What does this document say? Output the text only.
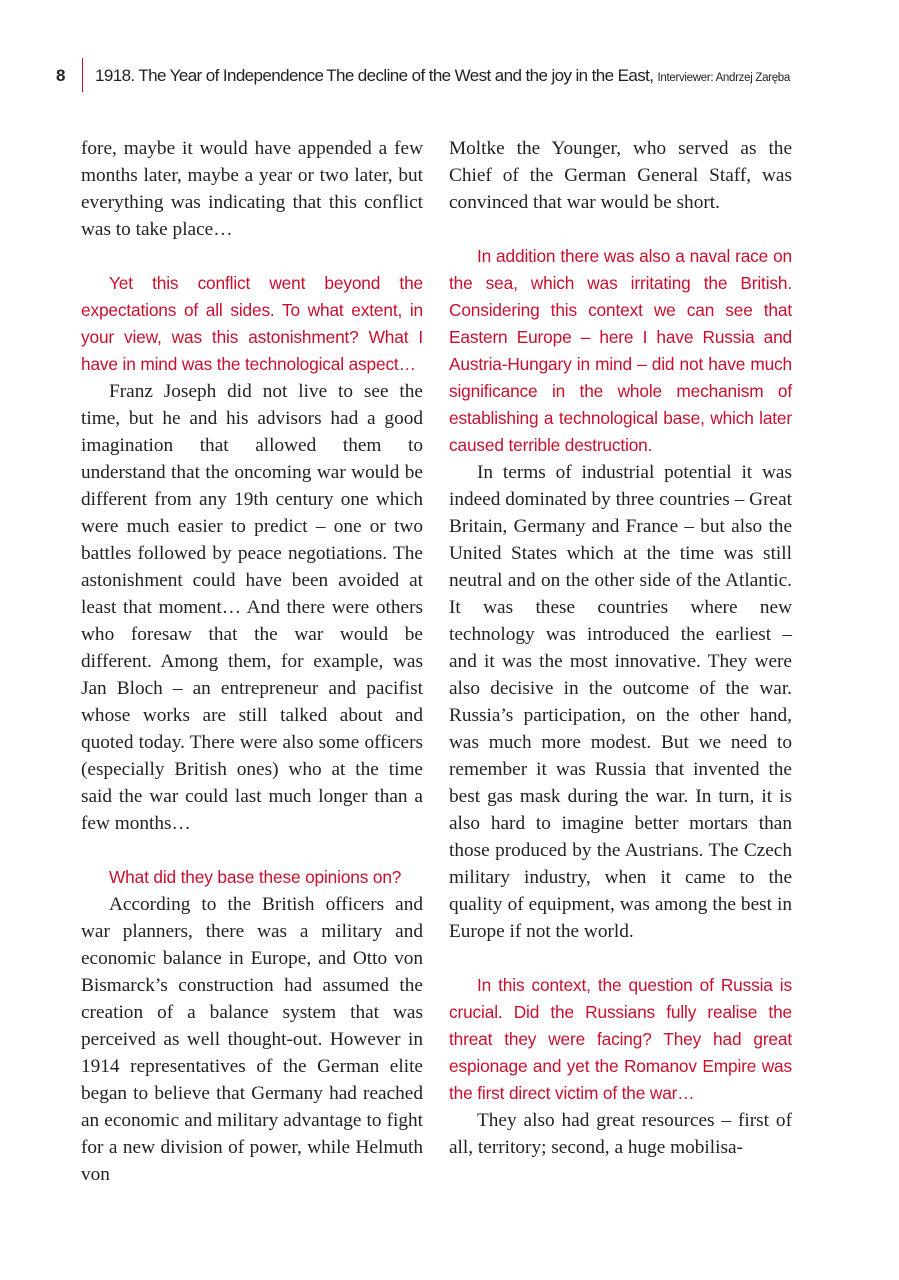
8 1918. The Year of Independence The decline of the West and the joy in the East, Interviewer: Andrzej Zaręba

fore, maybe it would have appended a few months later, maybe a year or two later, but everything was indicating that this conflict was to take place…

Yet this conflict went beyond the expectations of all sides. To what extent, in your view, was this astonishment? What I have in mind was the technological aspect…

Franz Joseph did not live to see the time, but he and his advisors had a good imagination that allowed them to understand that the oncoming war would be different from any 19th century one which were much easier to predict – one or two battles followed by peace negotiations. The astonishment could have been avoided at least that moment… And there were others who foresaw that the war would be different. Among them, for example, was Jan Bloch – an entrepreneur and pacifist whose works are still talked about and quoted today. There were also some officers (especially British ones) who at the time said the war could last much longer than a few months…

What did they base these opinions on?

According to the British officers and war planners, there was a military and economic balance in Europe, and Otto von Bismarck’s construction had assumed the creation of a balance system that was perceived as well thought-out. However in 1914 representatives of the German elite began to believe that Germany had reached an economic and military advantage to fight for a new division of power, while Helmuth von

Moltke the Younger, who served as the Chief of the German General Staff, was convinced that war would be short.

In addition there was also a naval race on the sea, which was irritating the British. Considering this context we can see that Eastern Europe – here I have Russia and Austria-Hungary in mind – did not have much significance in the whole mechanism of establishing a technological base, which later caused terrible destruction.

In terms of industrial potential it was indeed dominated by three countries – Great Britain, Germany and France – but also the United States which at the time was still neutral and on the other side of the Atlantic. It was these countries where new technology was introduced the earliest – and it was the most innovative. They were also decisive in the outcome of the war. Russia’s participation, on the other hand, was much more modest. But we need to remember it was Russia that invented the best gas mask during the war. In turn, it is also hard to imagine better mortars than those produced by the Austrians. The Czech military industry, when it came to the quality of equipment, was among the best in Europe if not the world.

In this context, the question of Russia is crucial. Did the Russians fully realise the threat they were facing? They had great espionage and yet the Romanov Empire was the first direct victim of the war…

They also had great resources – first of all, territory; second, a huge mobilisa-
